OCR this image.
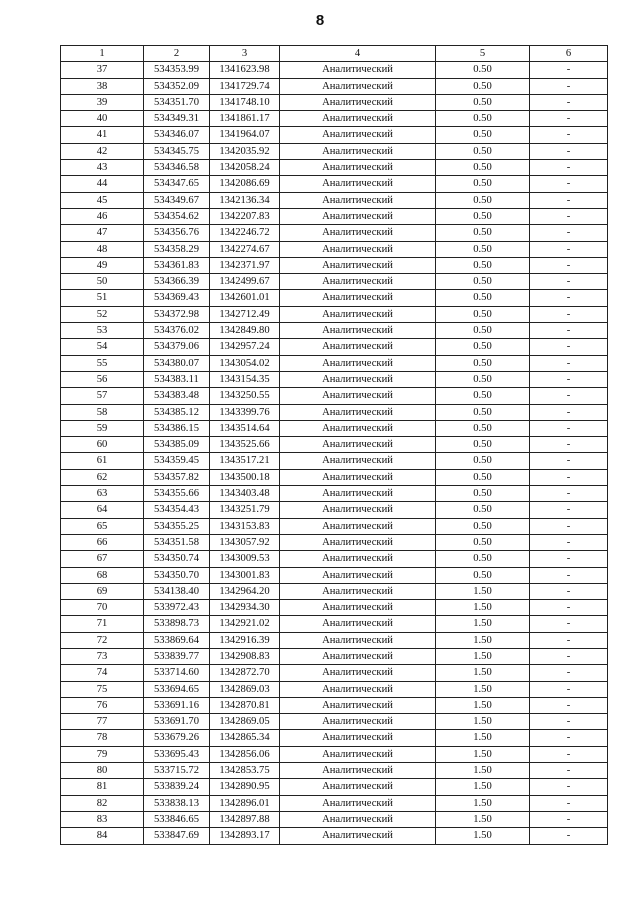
8
1	2	3	4	5	6
37	534353.99	1341623.98	Аналитический	0.50	-
38	534352.09	1341729.74	Аналитический	0.50	-
39	534351.70	1341748.10	Аналитический	0.50	-
40	534349.31	1341861.17	Аналитический	0.50	-
41	534346.07	1341964.07	Аналитический	0.50	-
42	534345.75	1342035.92	Аналитический	0.50	-
43	534346.58	1342058.24	Аналитический	0.50	-
44	534347.65	1342086.69	Аналитический	0.50	-
45	534349.67	1342136.34	Аналитический	0.50	-
46	534354.62	1342207.83	Аналитический	0.50	-
47	534356.76	1342246.72	Аналитический	0.50	-
48	534358.29	1342274.67	Аналитический	0.50	-
49	534361.83	1342371.97	Аналитический	0.50	-
50	534366.39	1342499.67	Аналитический	0.50	-
51	534369.43	1342601.01	Аналитический	0.50	-
52	534372.98	1342712.49	Аналитический	0.50	-
53	534376.02	1342849.80	Аналитический	0.50	-
54	534379.06	1342957.24	Аналитический	0.50	-
55	534380.07	1343054.02	Аналитический	0.50	-
56	534383.11	1343154.35	Аналитический	0.50	-
57	534383.48	1343250.55	Аналитический	0.50	-
58	534385.12	1343399.76	Аналитический	0.50	-
59	534386.15	1343514.64	Аналитический	0.50	-
60	534385.09	1343525.66	Аналитический	0.50	-
61	534359.45	1343517.21	Аналитический	0.50	-
62	534357.82	1343500.18	Аналитический	0.50	-
63	534355.66	1343403.48	Аналитический	0.50	-
64	534354.43	1343251.79	Аналитический	0.50	-
65	534355.25	1343153.83	Аналитический	0.50	-
66	534351.58	1343057.92	Аналитический	0.50	-
67	534350.74	1343009.53	Аналитический	0.50	-
68	534350.70	1343001.83	Аналитический	0.50	-
69	534138.40	1342964.20	Аналитический	1.50	-
70	533972.43	1342934.30	Аналитический	1.50	-
71	533898.73	1342921.02	Аналитический	1.50	-
72	533869.64	1342916.39	Аналитический	1.50	-
73	533839.77	1342908.83	Аналитический	1.50	-
74	533714.60	1342872.70	Аналитический	1.50	-
75	533694.65	1342869.03	Аналитический	1.50	-
76	533691.16	1342870.81	Аналитический	1.50	-
77	533691.70	1342869.05	Аналитический	1.50	-
78	533679.26	1342865.34	Аналитический	1.50	-
79	533695.43	1342856.06	Аналитический	1.50	-
80	533715.72	1342853.75	Аналитический	1.50	-
81	533839.24	1342890.95	Аналитический	1.50	-
82	533838.13	1342896.01	Аналитический	1.50	-
83	533846.65	1342897.88	Аналитический	1.50	-
84	533847.69	1342893.17	Аналитический	1.50	-
